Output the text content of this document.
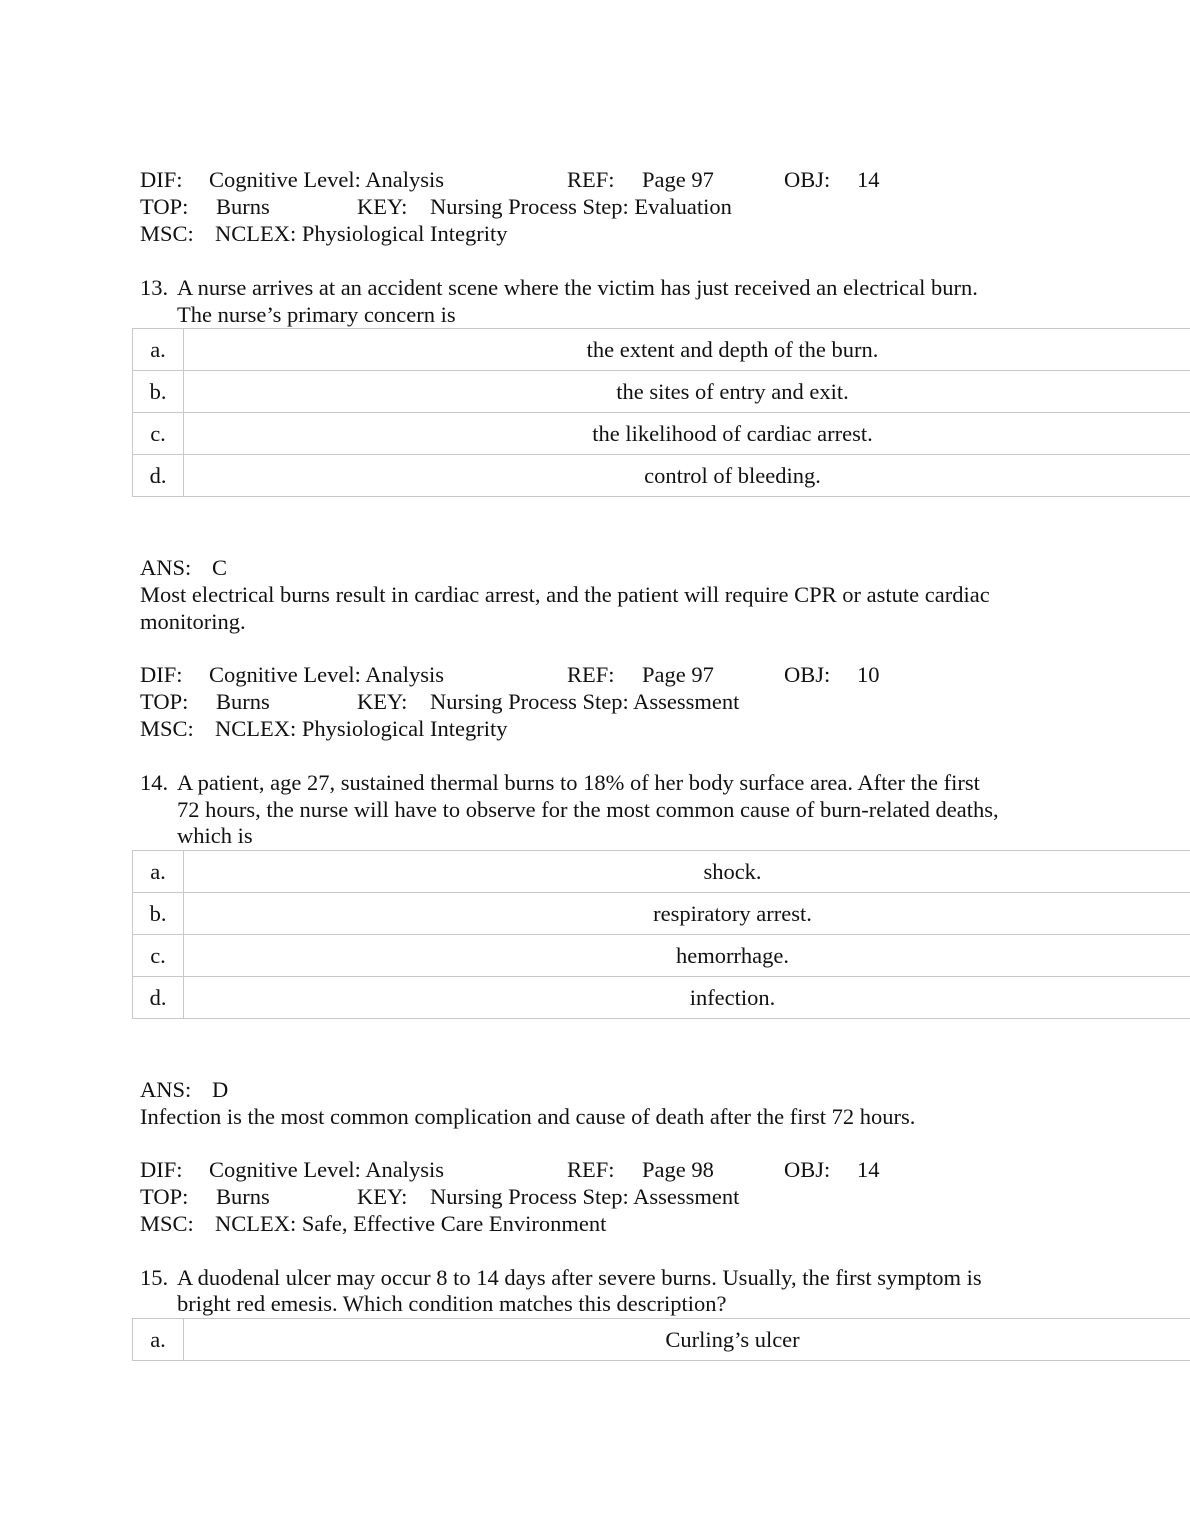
DIF: Cognitive Level: Analysis	REF: Page 97	OBJ: 14
TOP: Burns	KEY: Nursing Process Step: Evaluation
MSC: NCLEX: Physiological Integrity
13. A nurse arrives at an accident scene where the victim has just received an electrical burn.
The nurse’s primary concern is
a.	the extent and depth of the burn.
b.	the sites of entry and exit.
c.	the likelihood of cardiac arrest.
d.	control of bleeding.
ANS: C
Most electrical burns result in cardiac arrest, and the patient will require CPR or astute cardiac
monitoring.
DIF: Cognitive Level: Analysis	REF: Page 97	OBJ: 10
TOP: Burns	KEY: Nursing Process Step: Assessment
MSC: NCLEX: Physiological Integrity
14. A patient, age 27, sustained thermal burns to 18% of her body surface area. After the first
72 hours, the nurse will have to observe for the most common cause of burn-related deaths,
which is
a.	shock.
b.	respiratory arrest.
c.	hemorrhage.
d.	infection.
ANS: D
Infection is the most common complication and cause of death after the first 72 hours.
DIF: Cognitive Level: Analysis	REF: Page 98	OBJ: 14
TOP: Burns	KEY: Nursing Process Step: Assessment
MSC: NCLEX: Safe, Effective Care Environment
15. A duodenal ulcer may occur 8 to 14 days after severe burns. Usually, the first symptom is
bright red emesis. Which condition matches this description?
a.	Curling’s ulcer
